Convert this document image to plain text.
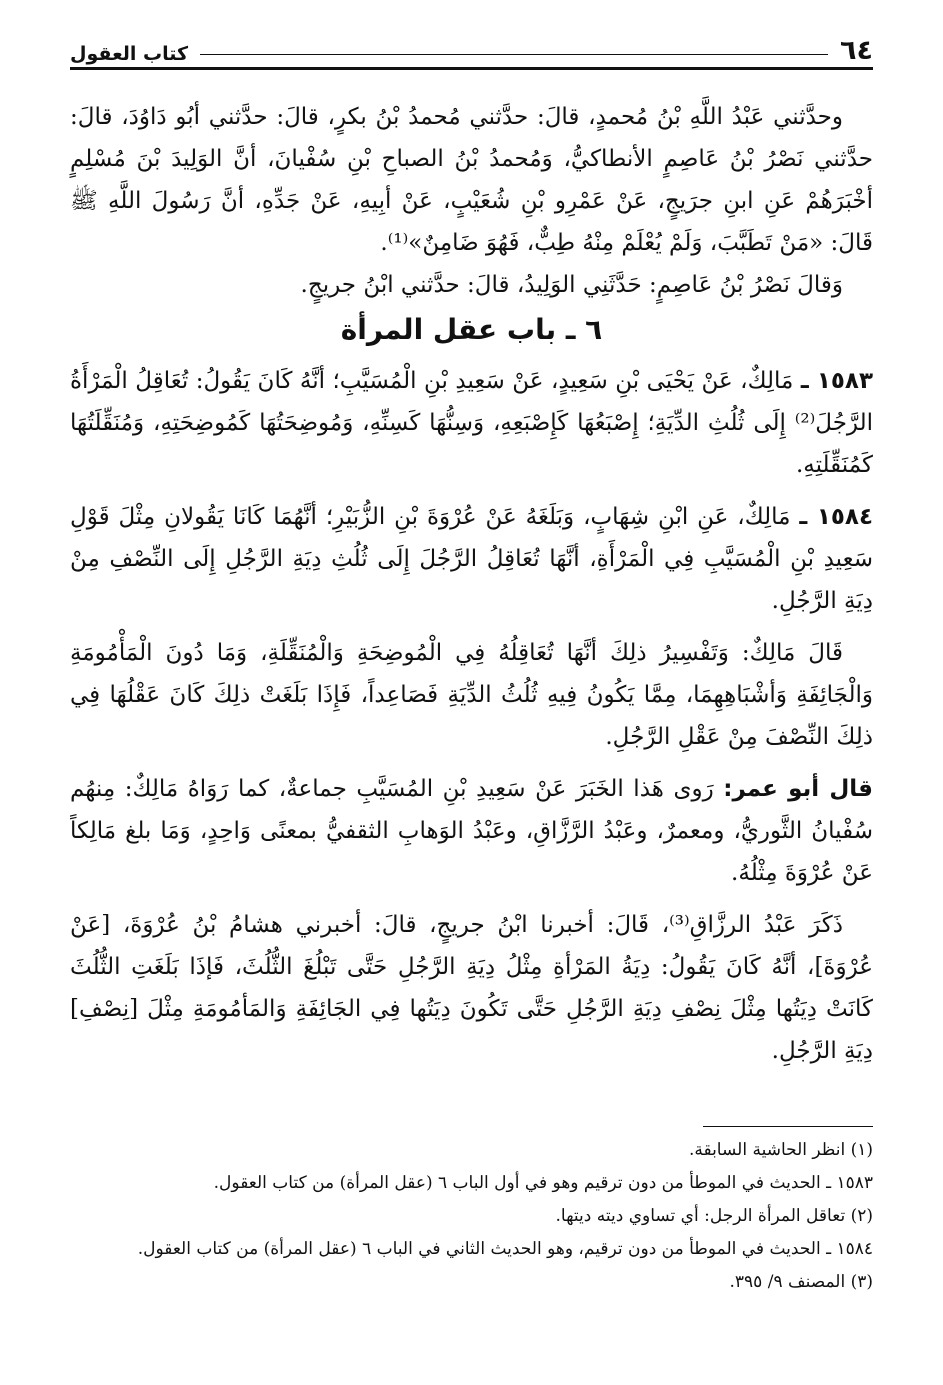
٦٤
كتاب العقول

وحدَّثني عَبْدُ اللَّهِ بْنُ مُحمدٍ، قالَ: حدَّثني مُحمدُ بْنُ بكرٍ، قالَ: حدَّثني أبُو دَاوُدَ، قالَ: حدَّثني نَصْرُ بْنُ عَاصِمٍ الأنطاكيُّ، وَمُحمدُ بْنُ الصباحِ بْنِ سُفْيانَ، أنَّ الوَلِيدَ بْنَ مُسْلِمٍ أخْبَرَهُمْ عَنِ ابنِ جرَيجٍ، عَنْ عَمْرِو بْنِ شُعَيْبٍ، عَنْ أبِيهِ، عَنْ جَدِّهِ، أنَّ رَسُولَ اللَّهِ ﷺ قَالَ: «مَنْ تَطَبَّبَ، وَلَمْ يُعْلَمْ مِنْهُ طِبٌّ، فَهُوَ ضَامِنٌ»⁽¹⁾.

وَقالَ نَصْرُ بْنُ عَاصِمٍ: حَدَّثَنِي الوَلِيدُ، قالَ: حدَّثني ابْنُ جريجٍ.

٦ ـ باب عقل المرأة

١٥٨٣ ـ مَالِكٌ، عَنْ يَحْيَى بْنِ سَعِيدٍ، عَنْ سَعِيدِ بْنِ الْمُسَيَّبِ؛ أنَّهُ كَانَ يَقُولُ: تُعَاقِلُ الْمَرْأَةُ الرَّجُلَ⁽²⁾ إِلَى ثُلُثِ الدِّيَةِ؛ إِصْبَعُهَا كَإِصْبَعِهِ، وَسِنُّهَا كَسِنِّهِ، وَمُوضِحَتُهَا كَمُوضِحَتِهِ، وَمُنَقِّلَتُهَا كَمُنَقِّلَتِهِ.

١٥٨٤ ـ مَالِكٌ، عَنِ ابْنِ شِهَابٍ، وَبَلَغَهُ عَنْ عُرْوَةَ بْنِ الزُّبَيْرِ؛ أنَّهُمَا كَانَا يَقُولانِ مِثْلَ قَوْلِ سَعِيدِ بْنِ الْمُسَيَّبِ فِي الْمَرْأَةِ، أنَّهَا تُعَاقِلُ الرَّجُلَ إِلَى ثُلُثِ دِيَةِ الرَّجُلِ إِلَى النِّصْفِ مِنْ دِيَةِ الرَّجُلِ.

قَالَ مَالِكٌ: وَتَفْسِيرُ ذلِكَ أنَّهَا تُعَاقِلُهُ فِي الْمُوضِحَةِ وَالْمُنَقِّلَةِ، وَمَا دُونَ الْمَأْمُومَةِ وَالْجَائِفَةِ وَأشْبَاهِهِمَا، مِمَّا يَكُونُ فِيهِ ثُلُثُ الدِّيَةِ فَصَاعِداً، فَإِذَا بَلَغَتْ ذلِكَ كَانَ عَقْلُهَا فِي ذلِكَ النِّصْفَ مِنْ عَقْلِ الرَّجُلِ.

قال أبو عمر: رَوى هَذا الخَبَرَ عَنْ سَعِيدِ بْنِ المُسَيَّبِ جماعةٌ، كما رَوَاهُ مَالِكٌ: مِنهُم سُفْيانُ الثَّوريُّ، ومعمرٌ، وعَبْدُ الرَّزَّاقِ، وعَبْدُ الوَهابِ الثقفيُّ بمعنًى وَاحِدٍ، وَمَا بلغ مَالِكاً عَنْ عُرْوَةَ مِثْلُهُ.

ذَكَرَ عَبْدُ الرزَّاقِ⁽³⁾، قَالَ: أخبرنا ابْنُ جريجٍ، قالَ: أخبرني هشامُ بْنُ عُرْوَةَ، [عَنْ عُرْوَةَ]، أنَّهُ كَانَ يَقُولُ: دِيَةُ المَرْأةِ مِثْلُ دِيَةِ الرَّجُلِ حَتَّى تَبْلُغَ الثُّلُثَ، فَإذَا بَلَغَتِ الثُّلُثَ كَانَتْ دِيَتُها مِثْلَ نِصْفِ دِيَةِ الرَّجُلِ حَتَّى تَكُونَ دِيَتُها فِي الجَائِفَةِ وَالمَأمُومَةِ مِثْلَ [نِصْفِ] دِيَةِ الرَّجُلِ.

(١) انظر الحاشية السابقة.

١٥٨٣ ـ الحديث في الموطأ من دون ترقيم وهو في أول الباب ٦ (عقل المرأة) من كتاب العقول.

(٢) تعاقل المرأة الرجل: أي تساوي ديته ديتها.

١٥٨٤ ـ الحديث في الموطأ من دون ترقيم، وهو الحديث الثاني في الباب ٦ (عقل المرأة) من كتاب العقول.

(٣) المصنف ٩/ ٣٩٥.
